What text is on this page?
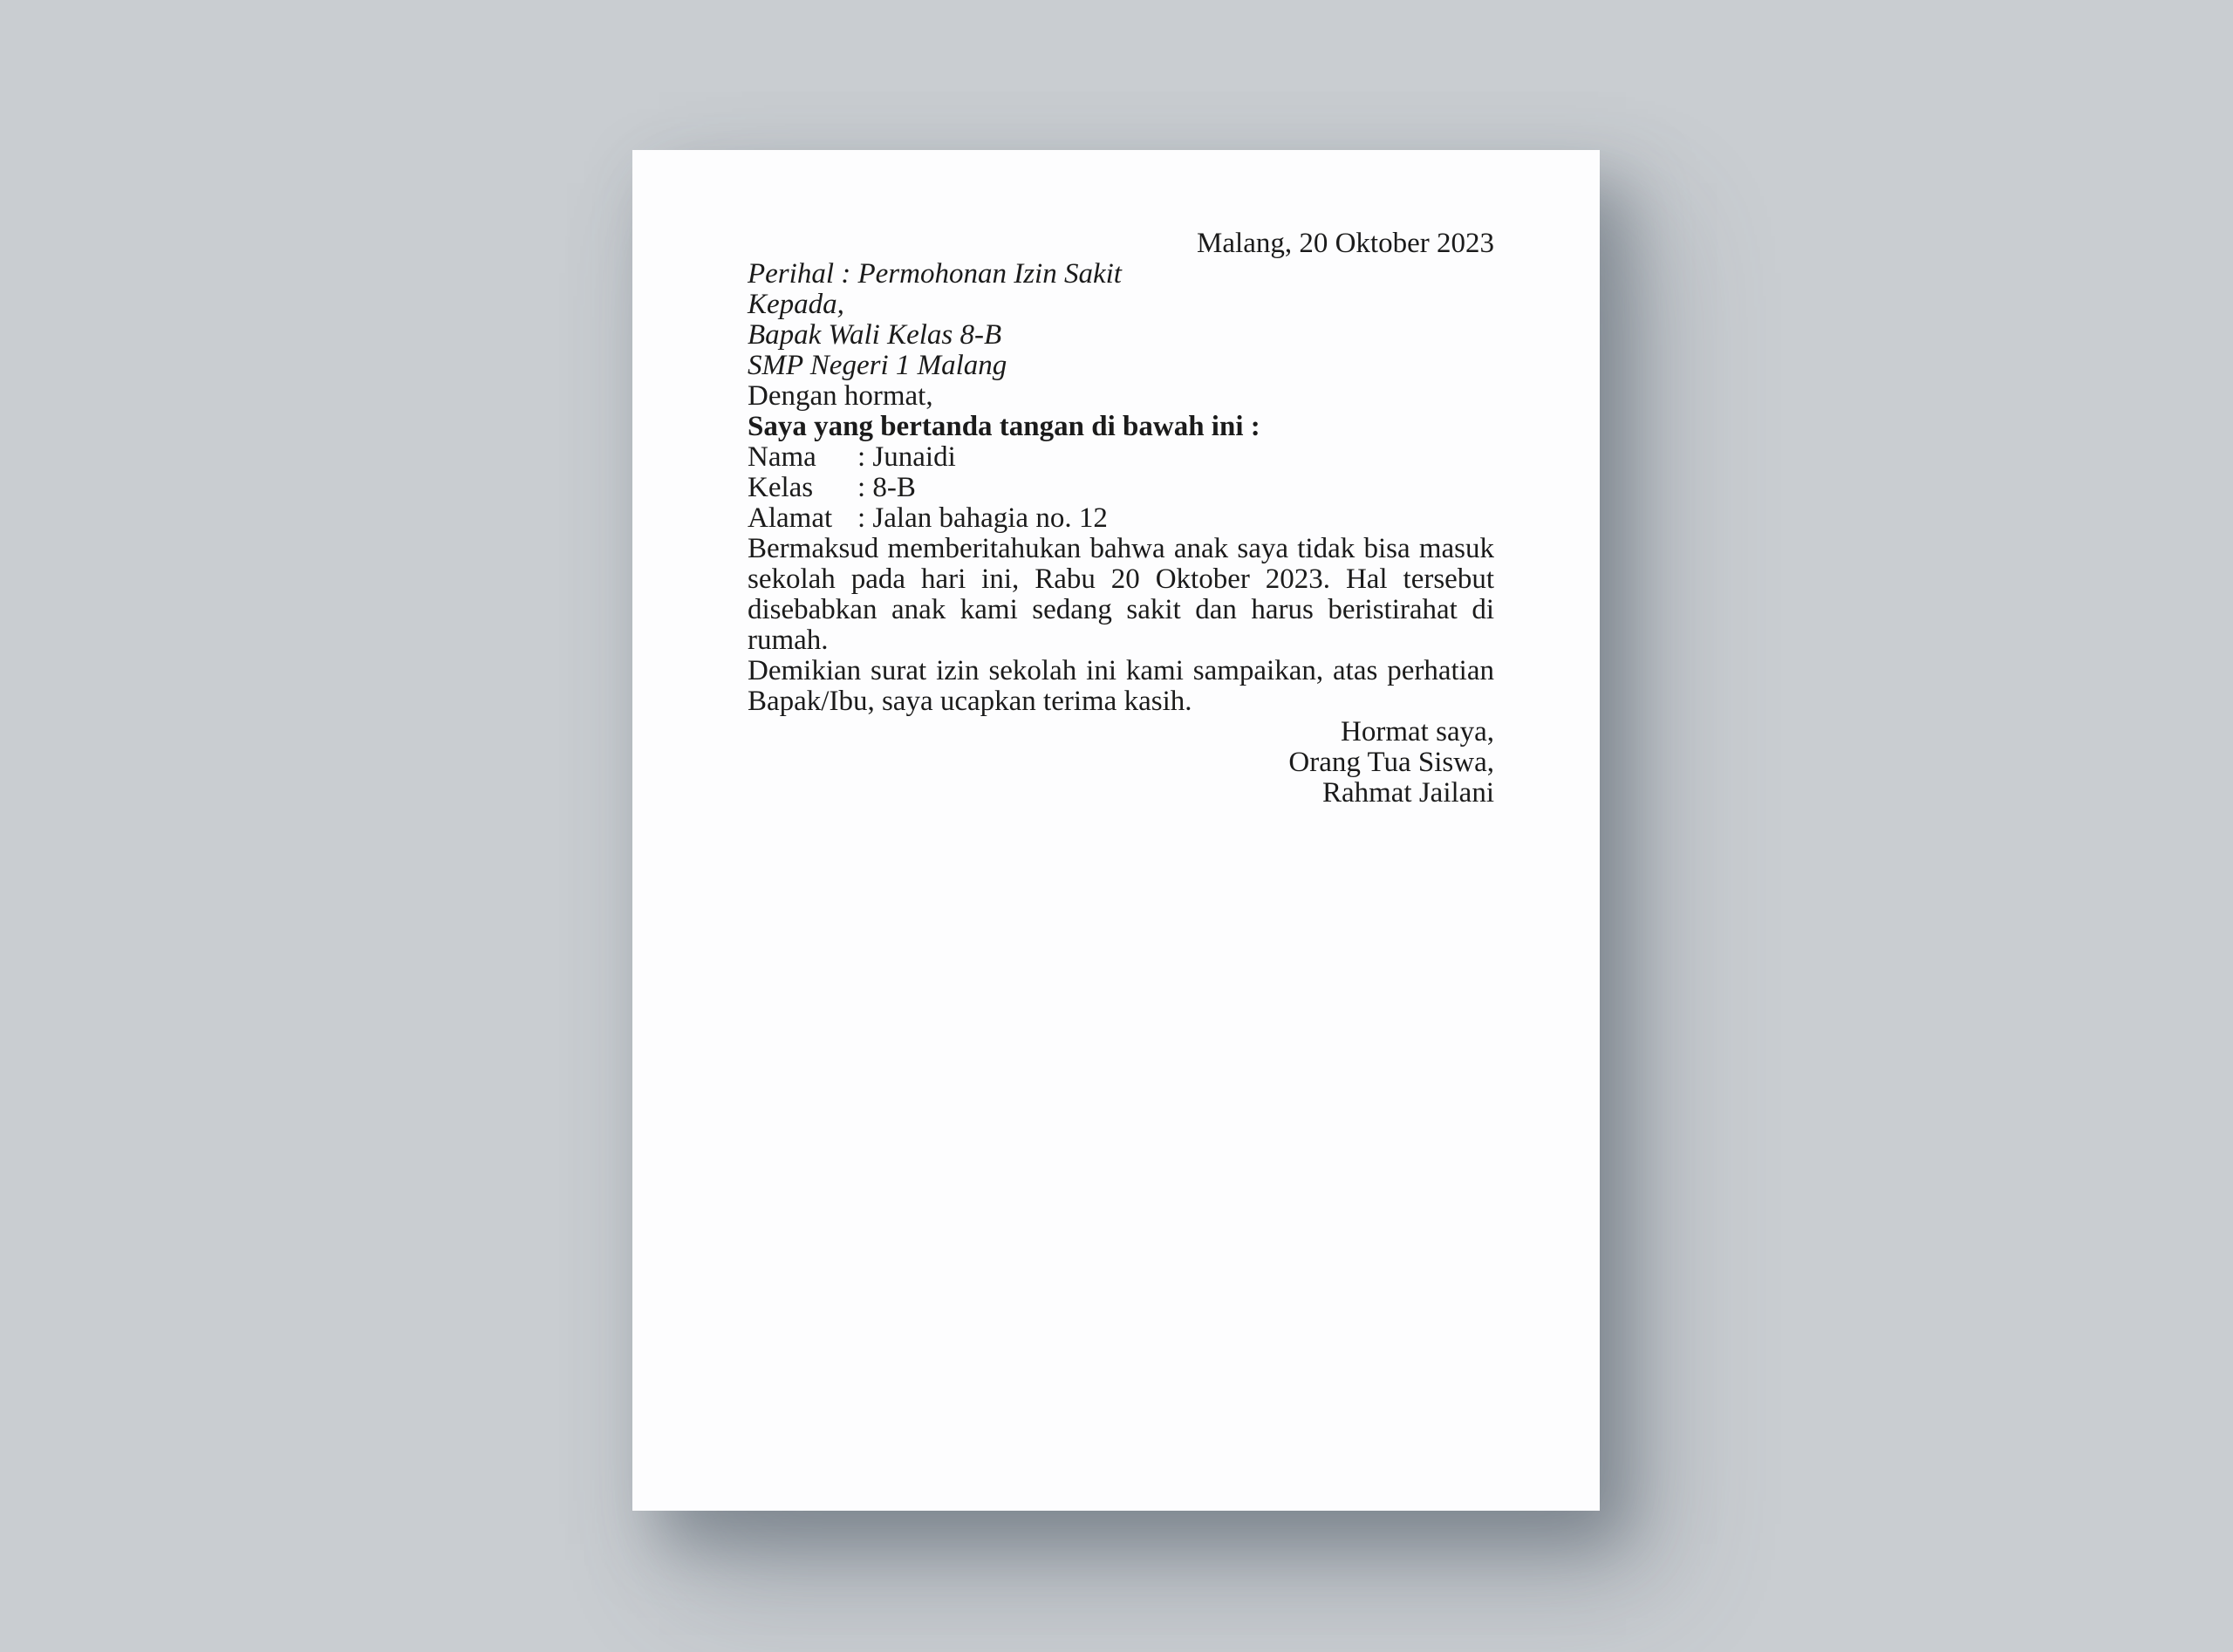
Malang, 20 Oktober 2023

Perihal : Permohonan Izin Sakit

Kepada,

Bapak Wali Kelas 8-B

SMP Negeri 1 Malang

Dengan hormat,

Saya yang bertanda tangan di bawah ini :

Nama : Junaidi

Kelas : 8-B

Alamat : Jalan bahagia no. 12

Bermaksud memberitahukan bahwa anak saya tidak bisa masuk sekolah pada hari ini, Rabu 20 Oktober 2023. Hal tersebut disebabkan anak kami sedang sakit dan harus beristirahat di rumah.

Demikian surat izin sekolah ini kami sampaikan, atas perhatian Bapak/Ibu, saya ucapkan terima kasih.

Hormat saya,

Orang Tua Siswa,

Rahmat Jailani
